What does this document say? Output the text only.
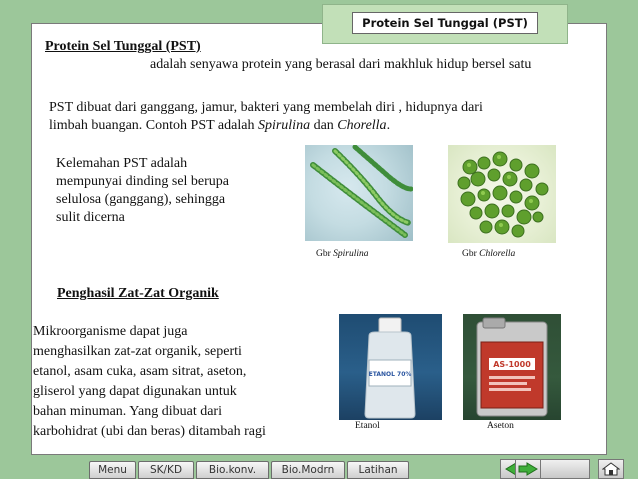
Protein Sel Tunggal (PST)
Protein Sel Tunggal (PST)
adalah senyawa protein yang berasal dari makhluk hidup bersel satu
PST dibuat dari ganggang, jamur, bakteri yang membelah diri , hidupnya dari
limbah buangan. Contoh PST adalah Spirulina dan Chorella.
Kelemahan PST adalah
mempunyai dinding sel berupa
selulosa (ganggang), sehingga
sulit dicerna
Gbr Spirulina	Gbr Chlorella
Penghasil Zat-Zat Organik
Mikroorganisme dapat juga
menghasilkan zat-zat organik, seperti
etanol, asam cuka, asam sitrat, aseton,
gliserol yang dapat digunakan untuk
bahan minuman. Yang dibuat dari
karbohidrat (ubi dan beras) ditambah ragi
ETANOL 70%
Etanol
AS-1000
Aseton
Menu	SK/KD	Bio.konv.	Bio.Modrn	Latihan
